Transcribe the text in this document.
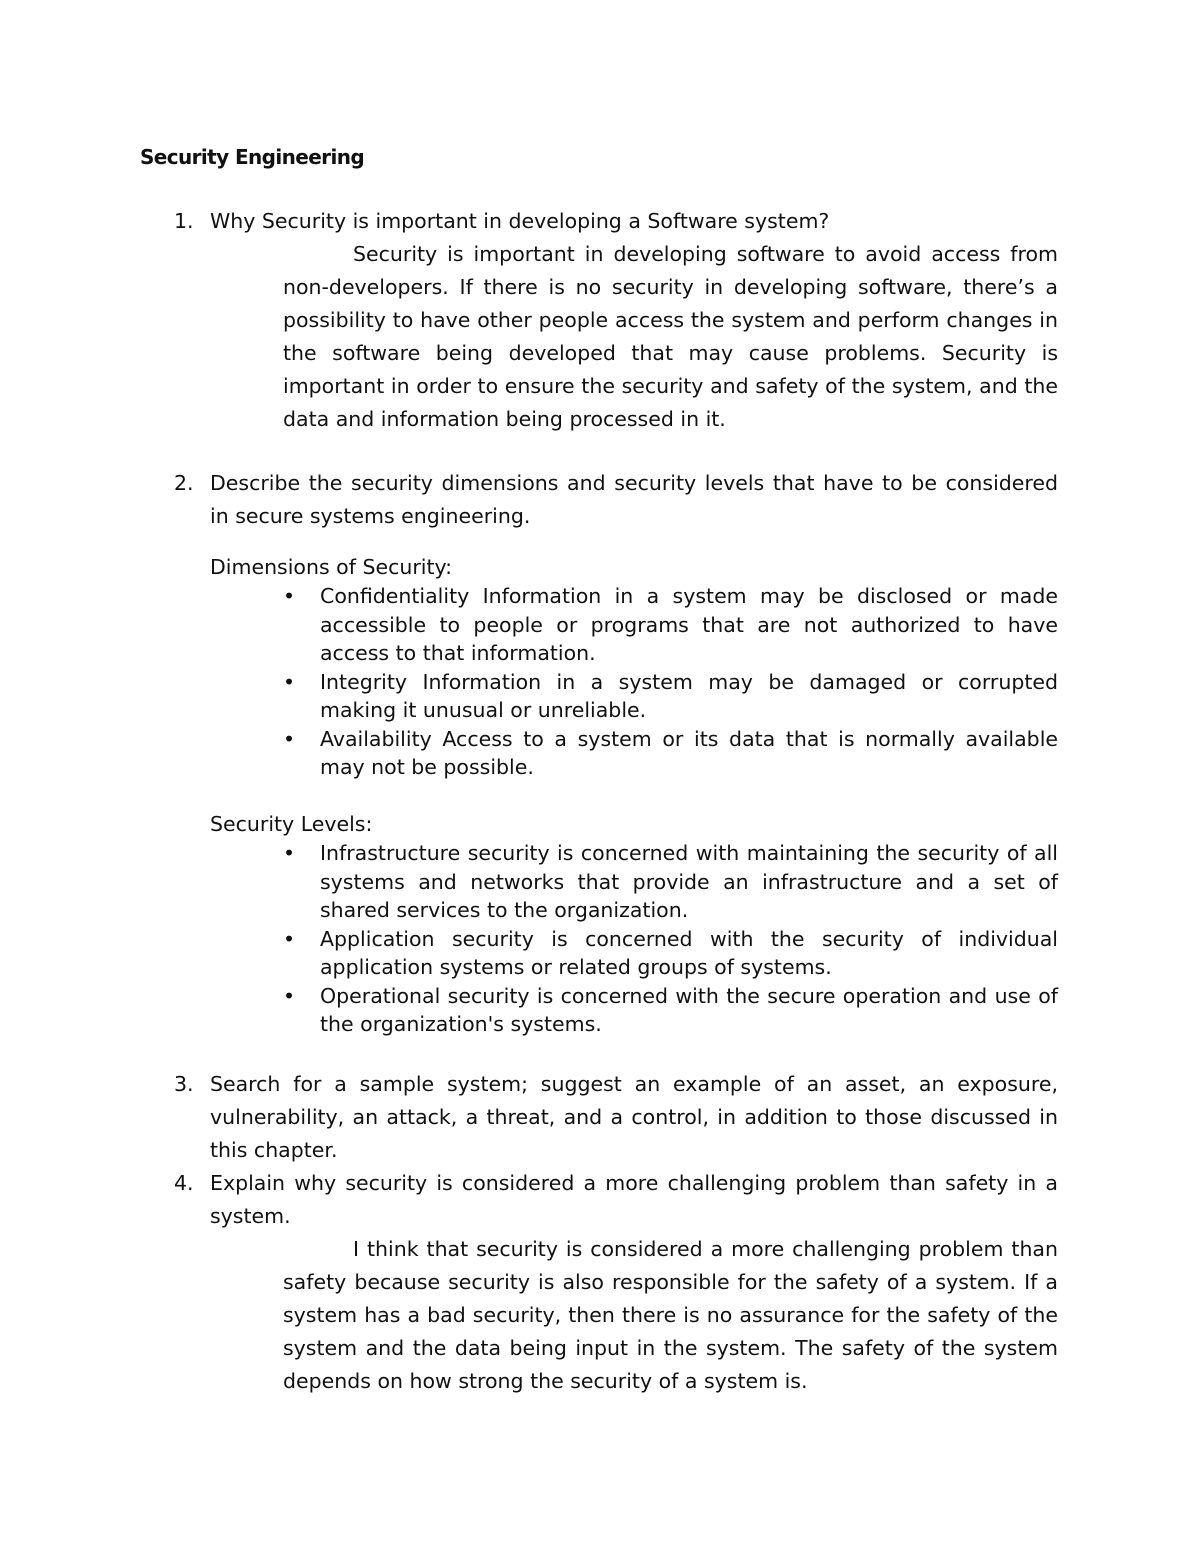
Security Engineering
1. Why Security is important in developing a Software system?
Security is important in developing software to avoid access from non-developers. If there is no security in developing software, there’s a possibility to have other people access the system and perform changes in the software being developed that may cause problems. Security is important in order to ensure the security and safety of the system, and the data and information being processed in it.
2. Describe the security dimensions and security levels that have to be considered in secure systems engineering.
Dimensions of Security:
• Confidentiality Information in a system may be disclosed or made accessible to people or programs that are not authorized to have access to that information.
• Integrity Information in a system may be damaged or corrupted making it unusual or unreliable.
• Availability Access to a system or its data that is normally available may not be possible.
Security Levels:
• Infrastructure security is concerned with maintaining the security of all systems and networks that provide an infrastructure and a set of shared services to the organization.
• Application security is concerned with the security of individual application systems or related groups of systems.
• Operational security is concerned with the secure operation and use of the organization's systems.
3. Search for a sample system; suggest an example of an asset, an exposure, vulnerability, an attack, a threat, and a control, in addition to those discussed in this chapter.
4. Explain why security is considered a more challenging problem than safety in a system.
I think that security is considered a more challenging problem than safety because security is also responsible for the safety of a system. If a system has a bad security, then there is no assurance for the safety of the system and the data being input in the system. The safety of the system depends on how strong the security of a system is.
